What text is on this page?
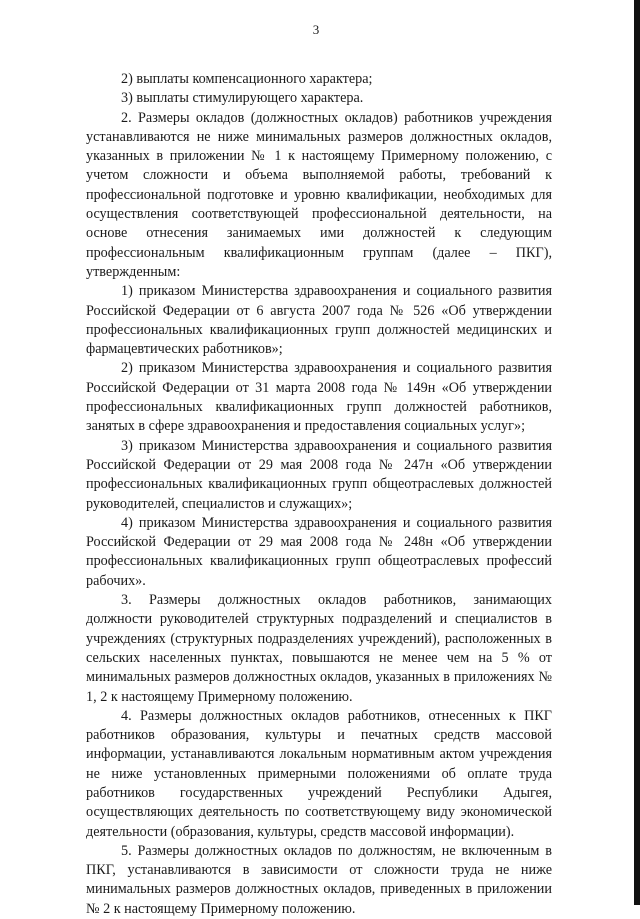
3

2) выплаты компенсационного характера;

3) выплаты стимулирующего характера.

2. Размеры окладов (должностных окладов) работников учреждения устанавливаются не ниже минимальных размеров должностных окладов, указанных в приложении № 1 к настоящему Примерному положению, с учетом сложности и объема выполняемой работы, требований к профессиональной подготовке и уровню квалификации, необходимых для осуществления соответствующей профессиональной деятельности, на основе отнесения занимаемых ими должностей к следующим профессиональным квалификационным группам (далее – ПКГ), утвержденным:

1) приказом Министерства здравоохранения и социального развития Российской Федерации от 6 августа 2007 года № 526 «Об утверждении профессиональных квалификационных групп должностей медицинских и фармацевтических работников»;

2) приказом Министерства здравоохранения и социального развития Российской Федерации от 31 марта 2008 года № 149н «Об утверждении профессиональных квалификационных групп должностей работников, занятых в сфере здравоохранения и предоставления социальных услуг»;

3) приказом Министерства здравоохранения и социального развития Российской Федерации от 29 мая 2008 года № 247н «Об утверждении профессиональных квалификационных групп общеотраслевых должностей руководителей, специалистов и служащих»;

4) приказом Министерства здравоохранения и социального развития Российской Федерации от 29 мая 2008 года № 248н «Об утверждении профессиональных квалификационных групп общеотраслевых профессий рабочих».

3. Размеры должностных окладов работников, занимающих должности руководителей структурных подразделений и специалистов в учреждениях (структурных подразделениях учреждений), расположенных в сельских населенных пунктах, повышаются не менее чем на 5 % от минимальных размеров должностных окладов, указанных в приложениях № 1, 2 к настоящему Примерному положению.

4. Размеры должностных окладов работников, отнесенных к ПКГ работников образования, культуры и печатных средств массовой информации, устанавливаются локальным нормативным актом учреждения не ниже установленных примерными положениями об оплате труда работников государственных учреждений Республики Адыгея, осуществляющих деятельность по соответствующему виду экономической деятельности (образования, культуры, средств массовой информации).

5. Размеры должностных окладов по должностям, не включенным в ПКГ, устанавливаются в зависимости от сложности труда не ниже минимальных размеров должностных окладов, приведенных в приложении № 2 к настоящему Примерному положению.
